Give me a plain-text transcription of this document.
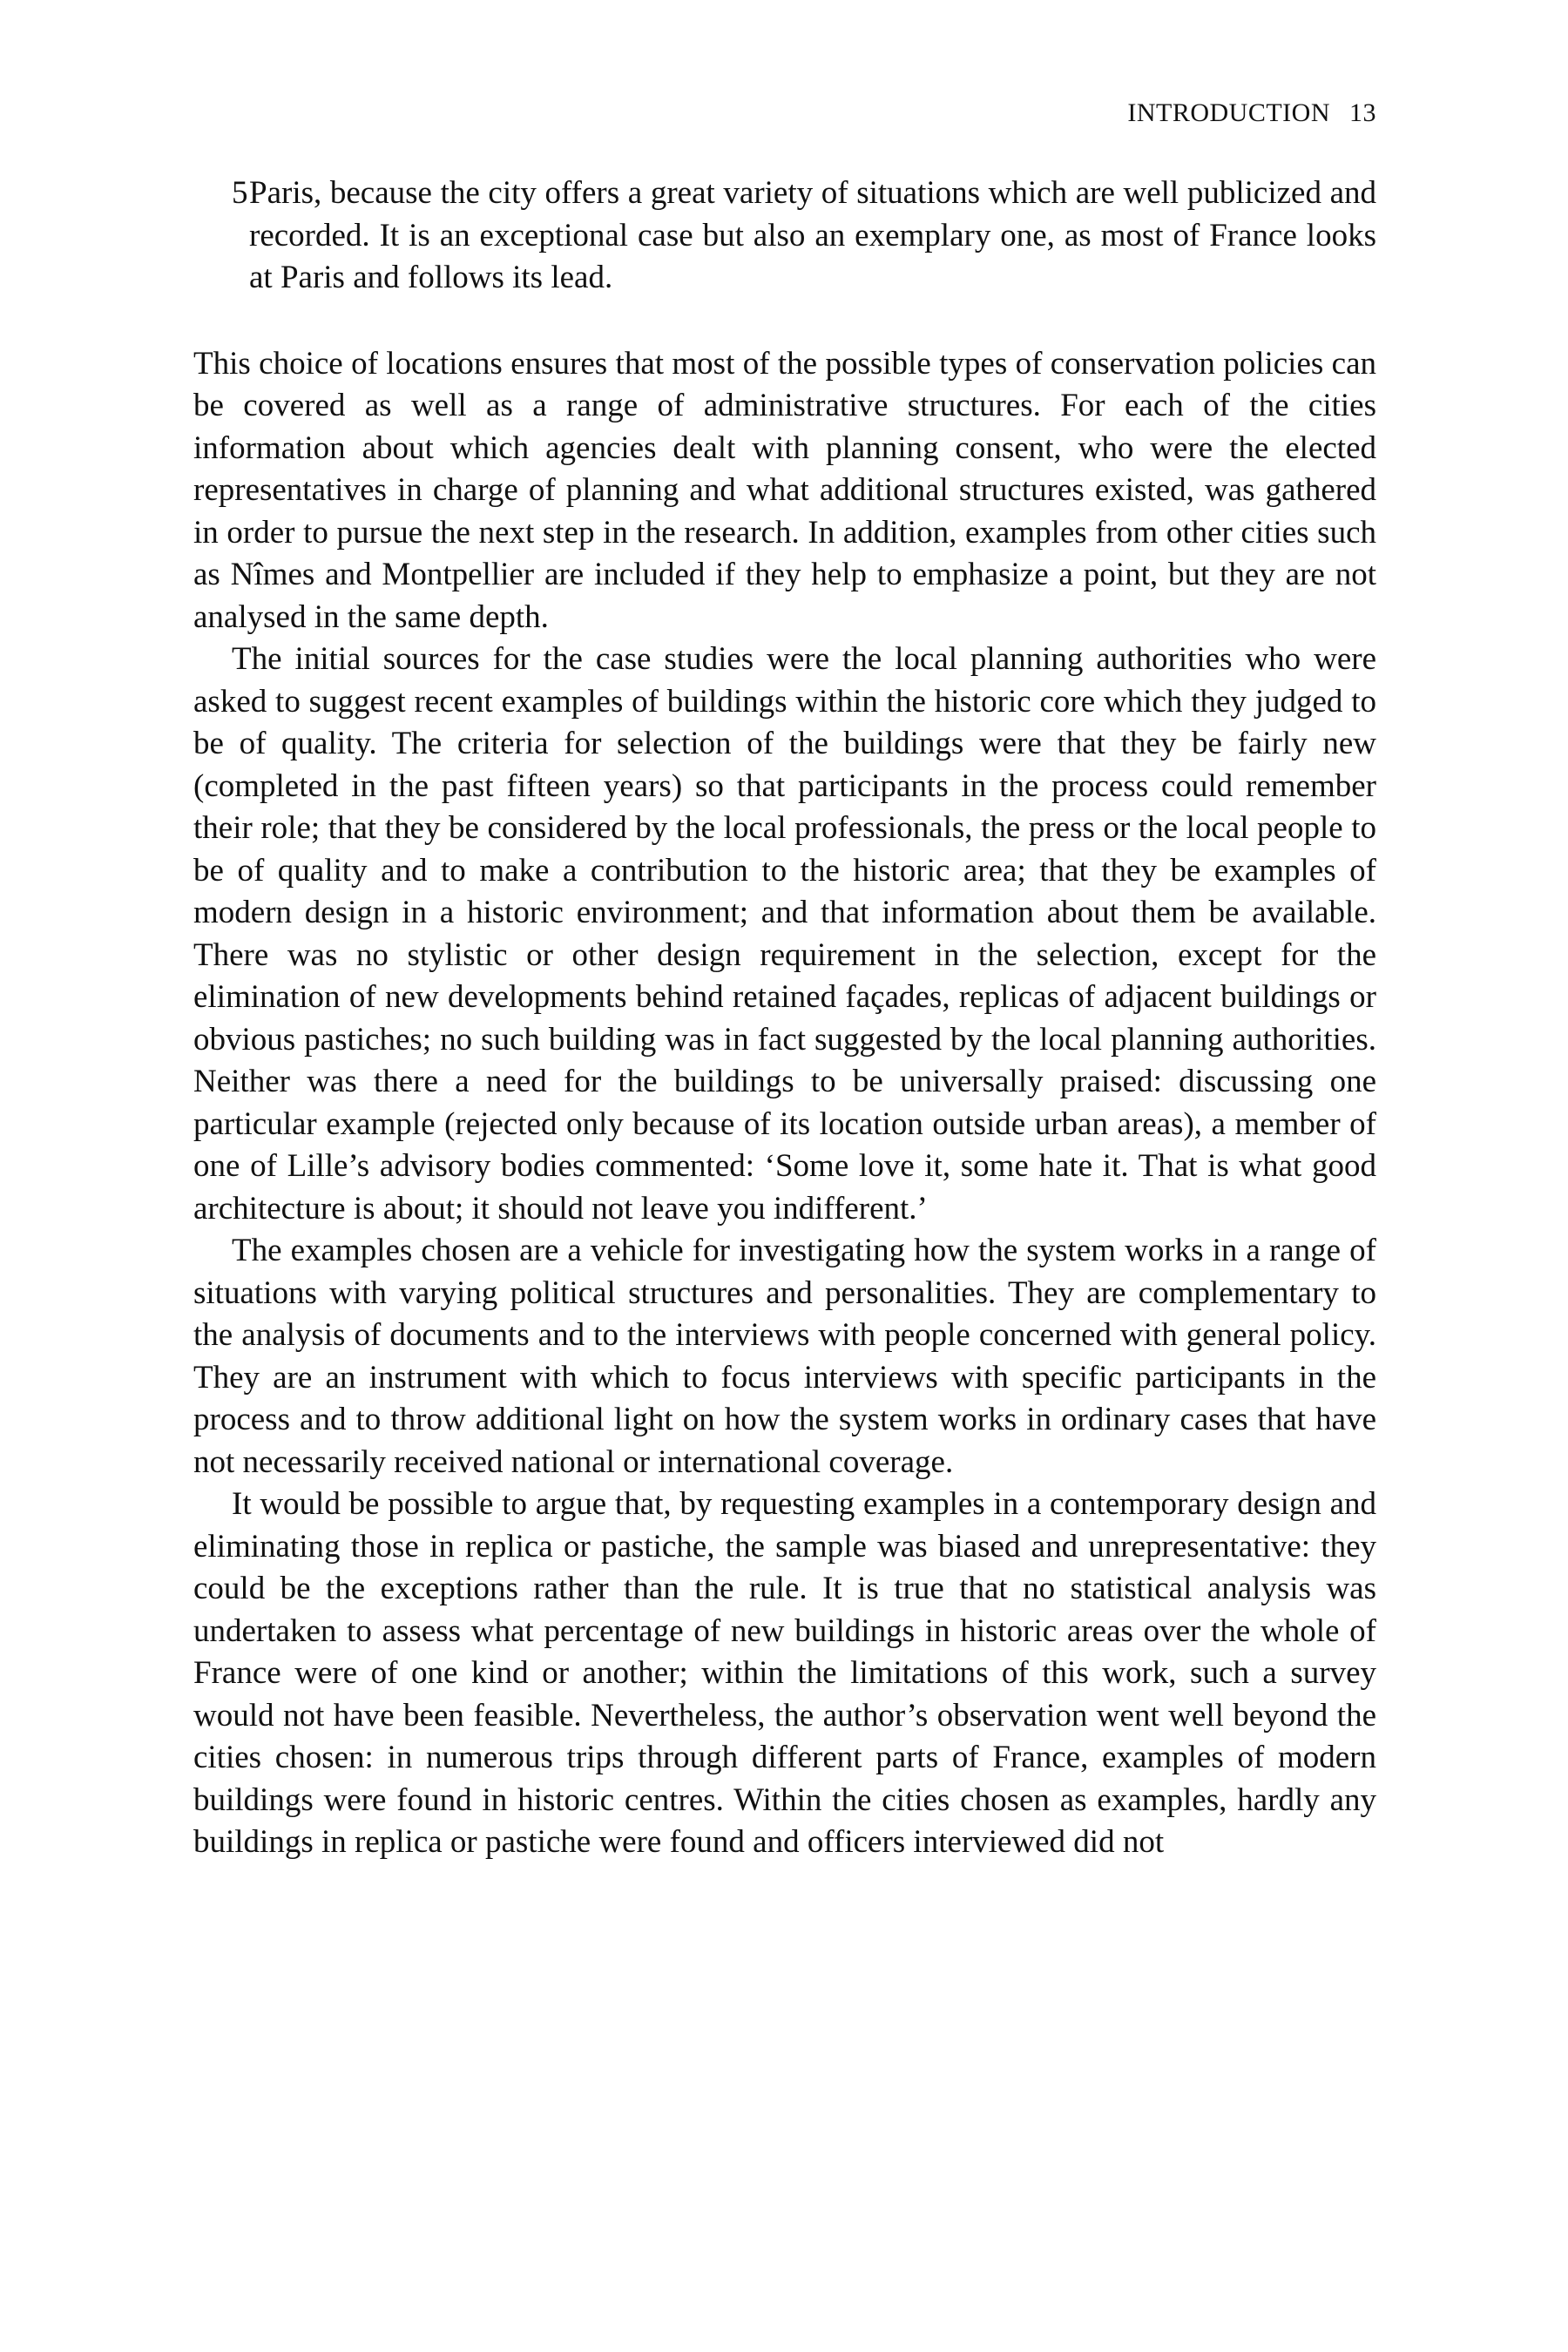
INTRODUCTION 13
5 Paris, because the city offers a great variety of situations which are well publicized and recorded. It is an exceptional case but also an exemplary one, as most of France looks at Paris and follows its lead.

This choice of locations ensures that most of the possible types of conservation policies can be covered as well as a range of administrative structures. For each of the cities information about which agencies dealt with planning consent, who were the elected representatives in charge of planning and what additional structures existed, was gathered in order to pursue the next step in the research. In addition, examples from other cities such as Nîmes and Montpellier are included if they help to emphasize a point, but they are not analysed in the same depth.

The initial sources for the case studies were the local planning authorities who were asked to suggest recent examples of buildings within the historic core which they judged to be of quality. The criteria for selection of the buildings were that they be fairly new (completed in the past fifteen years) so that participants in the process could remember their role; that they be considered by the local professionals, the press or the local people to be of quality and to make a contribution to the historic area; that they be examples of modern design in a historic environment; and that information about them be available. There was no stylistic or other design requirement in the selection, except for the elimination of new developments behind retained façades, replicas of adjacent buildings or obvious pastiches; no such building was in fact suggested by the local planning authorities. Neither was there a need for the buildings to be universally praised: discussing one particular example (rejected only because of its location outside urban areas), a member of one of Lille’s advisory bodies commented: ‘Some love it, some hate it. That is what good architecture is about; it should not leave you indifferent.’

The examples chosen are a vehicle for investigating how the system works in a range of situations with varying political structures and personalities. They are complementary to the analysis of documents and to the interviews with people concerned with general policy. They are an instrument with which to focus interviews with specific participants in the process and to throw additional light on how the system works in ordinary cases that have not necessarily received national or international coverage.

It would be possible to argue that, by requesting examples in a contemporary design and eliminating those in replica or pastiche, the sample was biased and unrepresentative: they could be the exceptions rather than the rule. It is true that no statistical analysis was undertaken to assess what percentage of new buildings in historic areas over the whole of France were of one kind or another; within the limitations of this work, such a survey would not have been feasible. Nevertheless, the author’s observation went well beyond the cities chosen: in numerous trips through different parts of France, examples of modern buildings were found in historic centres. Within the cities chosen as examples, hardly any buildings in replica or pastiche were found and officers interviewed did not
